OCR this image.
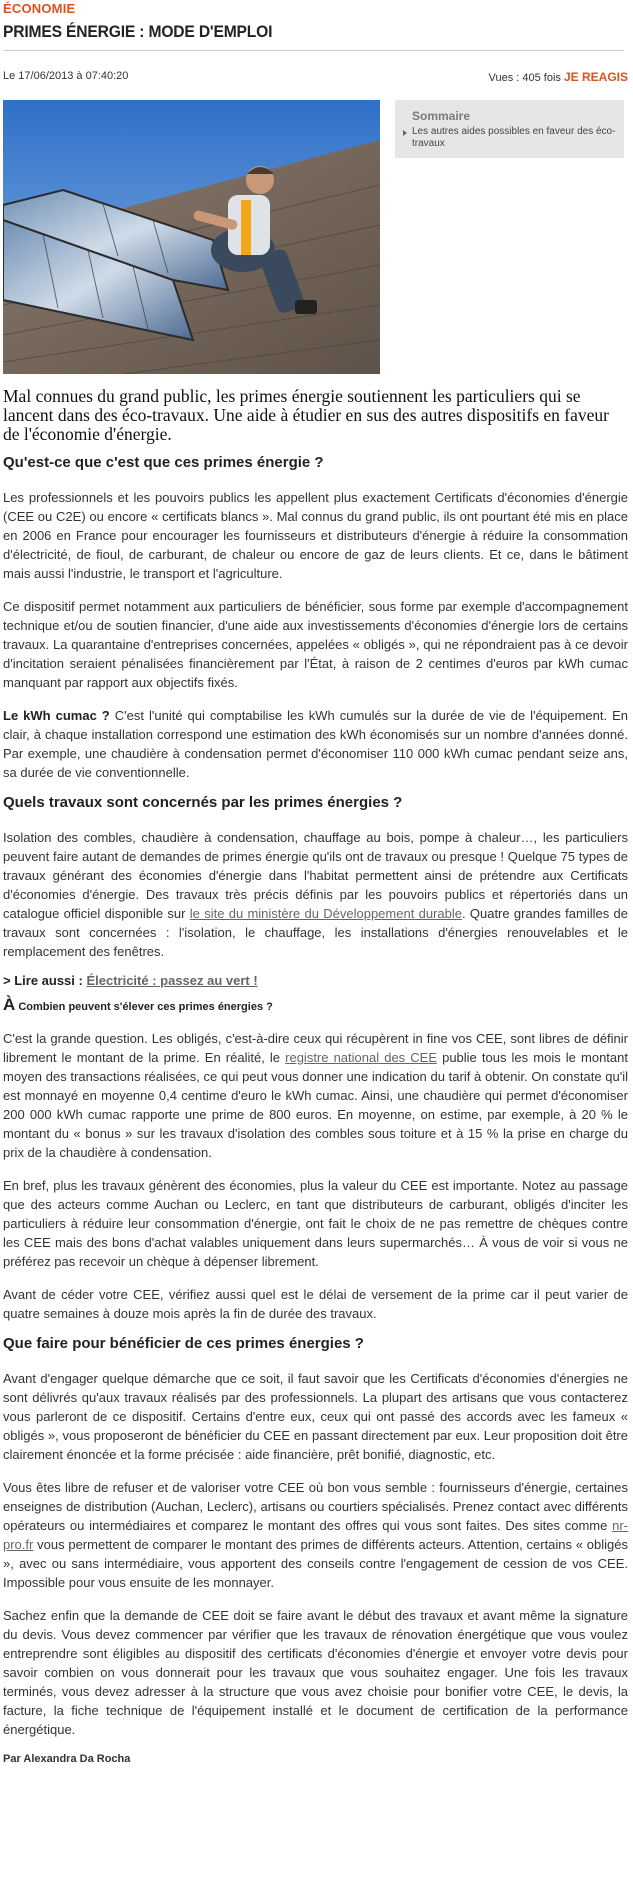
ÉCONOMIE
PRIMES ÉNERGIE : MODE D'EMPLOI
Le 17/06/2013 à 07:40:20	Vues : 405 fois JE REAGIS
Sommaire
Les autres aides possibles en faveur des éco-travaux
Mal connues du grand public, les primes énergie soutiennent les particuliers qui se lancent dans des éco-travaux. Une aide à étudier en sus des autres dispositifs en faveur de l'économie d'énergie.
Qu'est-ce que c'est que ces primes énergie ?

Les professionnels et les pouvoirs publics les appellent plus exactement Certificats d'économies d'énergie (CEE ou C2E) ou encore « certificats blancs ». Mal connus du grand public, ils ont pourtant été mis en place en 2006 en France pour encourager les fournisseurs et distributeurs d'énergie à réduire la consommation d'électricité, de fioul, de carburant, de chaleur ou encore de gaz de leurs clients. Et ce, dans le bâtiment mais aussi l'industrie, le transport et l'agriculture.

Ce dispositif permet notamment aux particuliers de bénéficier, sous forme par exemple d'accompagnement technique et/ou de soutien financier, d'une aide aux investissements d'économies d'énergie lors de certains travaux. La quarantaine d'entreprises concernées, appelées « obligés », qui ne répondraient pas à ce devoir d'incitation seraient pénalisées financièrement par l'État, à raison de 2 centimes d'euros par kWh cumac manquant par rapport aux objectifs fixés.

Le kWh cumac ? C'est l'unité qui comptabilise les kWh cumulés sur la durée de vie de l'équipement. En clair, à chaque installation correspond une estimation des kWh économisés sur un nombre d'années donné. Par exemple, une chaudière à condensation permet d'économiser 110 000 kWh cumac pendant seize ans, sa durée de vie conventionnelle.

Quels travaux sont concernés par les primes énergies ?

Isolation des combles, chaudière à condensation, chauffage au bois, pompe à chaleur…, les particuliers peuvent faire autant de demandes de primes énergie qu'ils ont de travaux ou presque ! Quelque 75 types de travaux générant des économies d'énergie dans l'habitat permettent ainsi de prétendre aux Certificats d'économies d'énergie. Des travaux très précis définis par les pouvoirs publics et répertoriés dans un catalogue officiel disponible sur le site du ministère du Développement durable. Quatre grandes familles de travaux sont concernées : l'isolation, le chauffage, les installations d'énergies renouvelables et le remplacement des fenêtres.

> Lire aussi : Électricité : passez au vert !
À Combien peuvent s'élever ces primes énergies ?

C'est la grande question. Les obligés, c'est-à-dire ceux qui récupèrent in fine vos CEE, sont libres de définir librement le montant de la prime. En réalité, le registre national des CEE publie tous les mois le montant moyen des transactions réalisées, ce qui peut vous donner une indication du tarif à obtenir. On constate qu'il est monnayé en moyenne 0,4 centime d'euro le kWh cumac. Ainsi, une chaudière qui permet d'économiser 200 000 kWh cumac rapporte une prime de 800 euros. En moyenne, on estime, par exemple, à 20 % le montant du « bonus » sur les travaux d'isolation des combles sous toiture et à 15 % la prise en charge du prix de la chaudière à condensation.

En bref, plus les travaux génèrent des économies, plus la valeur du CEE est importante. Notez au passage que des acteurs comme Auchan ou Leclerc, en tant que distributeurs de carburant, obligés d'inciter les particuliers à réduire leur consommation d'énergie, ont fait le choix de ne pas remettre de chèques contre les CEE mais des bons d'achat valables uniquement dans leurs supermarchés… À vous de voir si vous ne préférez pas recevoir un chèque à dépenser librement.

Avant de céder votre CEE, vérifiez aussi quel est le délai de versement de la prime car il peut varier de quatre semaines à douze mois après la fin de durée des travaux.

Que faire pour bénéficier de ces primes énergies ?

Avant d'engager quelque démarche que ce soit, il faut savoir que les Certificats d'économies d'énergies ne sont délivrés qu'aux travaux réalisés par des professionnels. La plupart des artisans que vous contacterez vous parleront de ce dispositif. Certains d'entre eux, ceux qui ont passé des accords avec les fameux « obligés », vous proposeront de bénéficier du CEE en passant directement par eux. Leur proposition doit être clairement énoncée et la forme précisée : aide financière, prêt bonifié, diagnostic, etc.

Vous êtes libre de refuser et de valoriser votre CEE où bon vous semble : fournisseurs d'énergie, certaines enseignes de distribution (Auchan, Leclerc), artisans ou courtiers spécialisés. Prenez contact avec différents opérateurs ou intermédiaires et comparez le montant des offres qui vous sont faites. Des sites comme nr-pro.fr vous permettent de comparer le montant des primes de différents acteurs. Attention, certains « obligés », avec ou sans intermédiaire, vous apportent des conseils contre l'engagement de cession de vos CEE. Impossible pour vous ensuite de les monnayer.

Sachez enfin que la demande de CEE doit se faire avant le début des travaux et avant même la signature du devis. Vous devez commencer par vérifier que les travaux de rénovation énergétique que vous voulez entreprendre sont éligibles au dispositif des certificats d'économies d'énergie et envoyer votre devis pour savoir combien on vous donnerait pour les travaux que vous souhaitez engager. Une fois les travaux terminés, vous devez adresser à la structure que vous avez choisie pour bonifier votre CEE, le devis, la facture, la fiche technique de l'équipement installé et le document de certification de la performance énergétique.

Par Alexandra Da Rocha
